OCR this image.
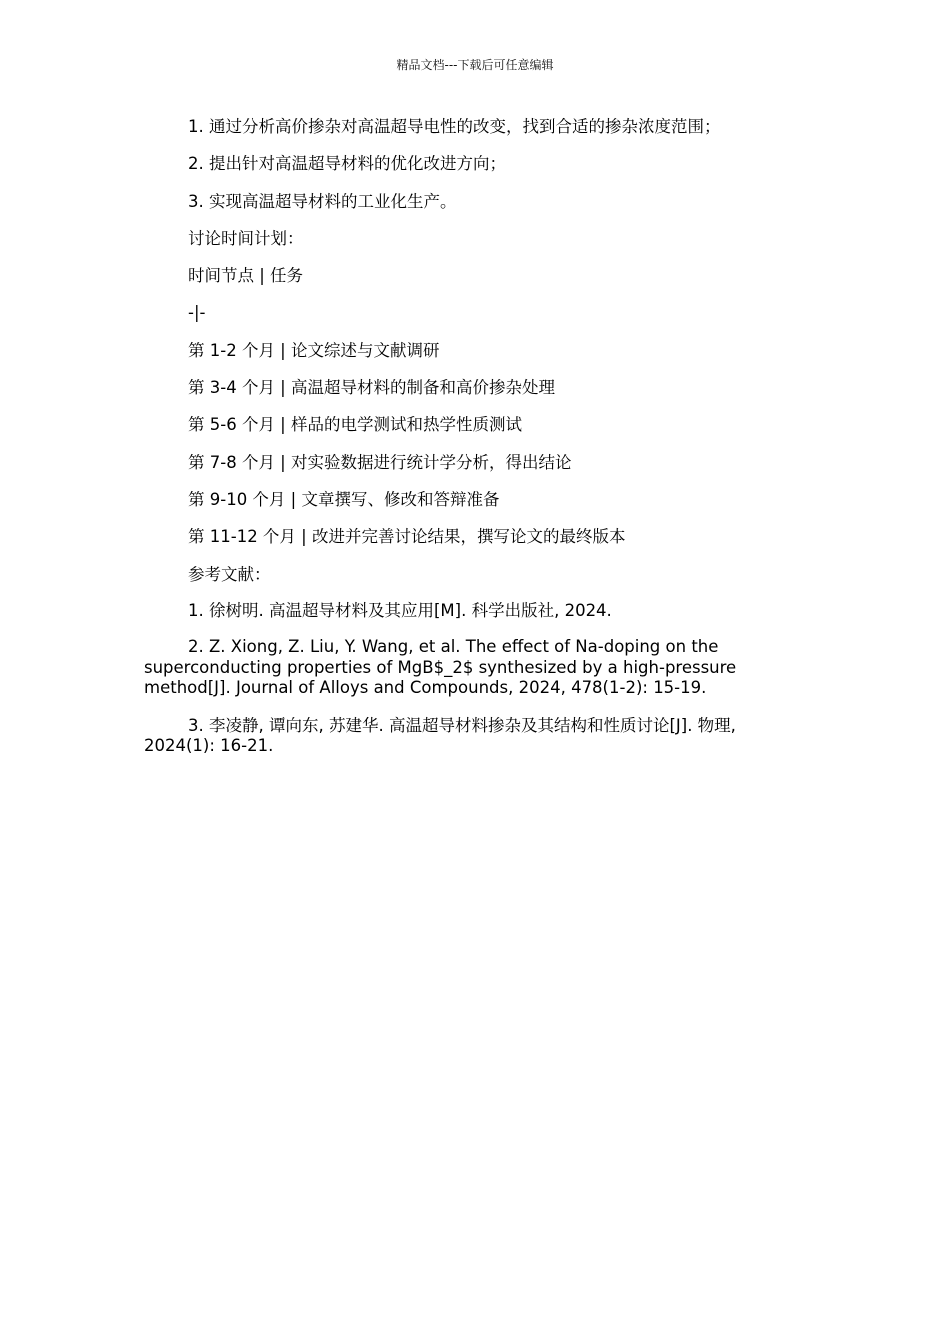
精品文档---下载后可任意编辑

1. 通过分析高价掺杂对高温超导电性的改变，找到合适的掺杂浓度范围；

2. 提出针对高温超导材料的优化改进方向；

3. 实现高温超导材料的工业化生产。

讨论时间计划：

时间节点 | 任务

-|-

第 1-2 个月 | 论文综述与文献调研

第 3-4 个月 | 高温超导材料的制备和高价掺杂处理

第 5-6 个月 | 样品的电学测试和热学性质测试

第 7-8 个月 | 对实验数据进行统计学分析，得出结论

第 9-10 个月 | 文章撰写、修改和答辩准备

第 11-12 个月 | 改进并完善讨论结果，撰写论文的最终版本

参考文献：

1. 徐树明. 高温超导材料及其应用[M]. 科学出版社, 2024.

2. Z. Xiong, Z. Liu, Y. Wang, et al. The effect of Na-doping on the superconducting properties of MgB$_2$ synthesized by a high-pressure method[J]. Journal of Alloys and Compounds, 2024, 478(1-2): 15-19.

3. 李凌静, 谭向东, 苏建华. 高温超导材料掺杂及其结构和性质讨论[J]. 物理, 2024(1): 16-21.
